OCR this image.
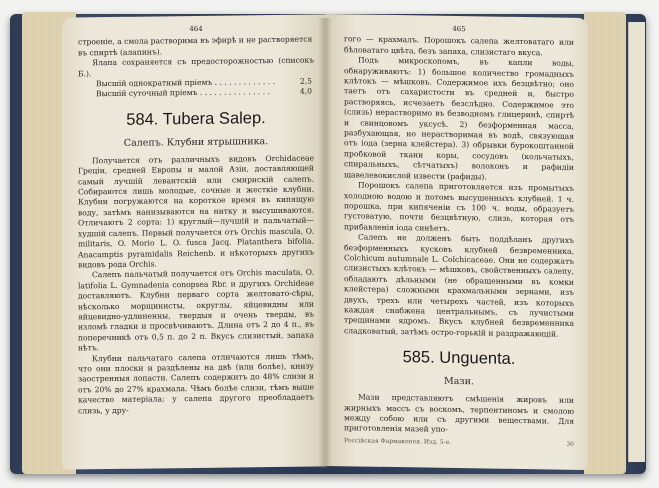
464

строеніе, а смола растворима въ эфирѣ и не растворяется

въ спиртѣ (алапинъ).

Ялапа сохраняется съ предосторожностью (списокъ Б.).

Высшій однократный пріемъ . . . . . . . . . . . . .	2,5
Высшій суточный пріемъ . . . . . . . . . . . . . . .	4,0
584. Tubera Salep.
Салепъ. Клубни ятрышника.

Получается отъ различныхъ видовъ Orchidaceae Греціи, средней Европы и малой Азіи, доставляющей самый лучшій левантскій или смирнскій салепъ. Собираются лишь молодые, сочные и жесткіе клубни. Клубни погружаются на короткое время въ кипящую воду, затѣмъ нанизываются на нитку и высушиваются. Отличаютъ 2 сорта: 1) круглый—лучшій и пальчатый—худшій салепъ. Первый получается отъ Orchis mascula, O. militaris, O. Morio L. O. fusca Jacq. Platanthera bifolia. Anacamptis pyramidalis Reichenb. и нѣкоторыхъ другихъ видовъ рода Orchis.

Салепъ пальчатый получается отъ Orchis maculata, O. latifolia L. Gymnadenia conopsea Rbr. и другихъ Orchideae доставляютъ. Клубни перваго сорта желтовато-сѣры, нѣсколько морщинисты, округлы, яйцевидны или яйцевидно-удлиненны, твердыя и очень тверды, въ изломѣ гладки и просвѣчиваютъ. Длина отъ 2 до 4 п., въ поперечникѣ отъ 0,5 п. до 2 п. Вкусъ слизистый, запаха нѣтъ.

Клубни пальчатаго салепа отличаются лишь тѣмъ, что они плоски и раздѣлены на двѣ (или болѣе), книзу заостренныя лопасти. Салепъ содержитъ до 48% слизи и отъ 20% до 27% крахмала. Чѣмъ болѣе слизи, тѣмъ выше качество матеріала; у салепа другого преобладаетъ слизь, у дру-

465

гого — крахмалъ. Порошокъ салепа желтоватаго или бѣловатаго цвѣта, безъ запаха, слизистаго вкуса.

Подъ микроскопомъ, въ капли воды, обнаруживаютъ: 1) большое количество громадныхъ клѣтокъ — мѣшковъ. Содержимое ихъ безцвѣтно; оно таетъ отъ сахаристости въ средней и, быстро растворяясь, исчезаетъ безслѣдно. Содержимое это (слизь) нерастворимо въ безводномъ глицеринѣ, спиртѣ и свинцовомъ уксусѣ. 2) безформенная масса, разбухающая, но нерастворимая въ водѣ, связующая отъ іода (зерна клейстера). 3) обрывки бурокоштанной пробковой ткани коры, сосудовъ (кольчатыхъ, спиральныхъ, сѣтчатыхъ) волоконъ и рафидіи щавелевокислой извести (рафиды).

Порошокъ салепа приготовляется изъ промытыхъ холодною водою и потомъ высушенныхъ клубней. 1 ч. порошка, при кипяченіи съ 100 ч. воды, образуетъ густоватую, почти безцвѣтную, слизь, которая отъ прибавленія іода синѣетъ.

Салепъ не долженъ быть поддѣланъ другихъ безформенныхъ кусковъ клубней безвременника, Colchicum autumnale L. Colchicaceae. Они не содержатъ слизистыхъ клѣтокъ — мѣшковъ, свойственныхъ салепу, обладаютъ дѣльными (не обращенными въ комки клейстера) сложными крахмальными зернами, изъ двухъ, трехъ или четырехъ частей, изъ которыхъ каждая снабжена центральнымъ, съ лучистыми трещинами ядромъ. Вкусъ клубней безвременника сладковатый, затѣмъ остро-горькій и раздражающій.

585. Unguenta.
Мази.

Мази представляютъ смѣшенія жировъ или жирныхъ массъ съ воскомъ, терпентиномъ и смолою между собою или съ другими веществами. Для приготовленія мазей упо-

Россійская Фармакопея. Изд. 5-е.	30
